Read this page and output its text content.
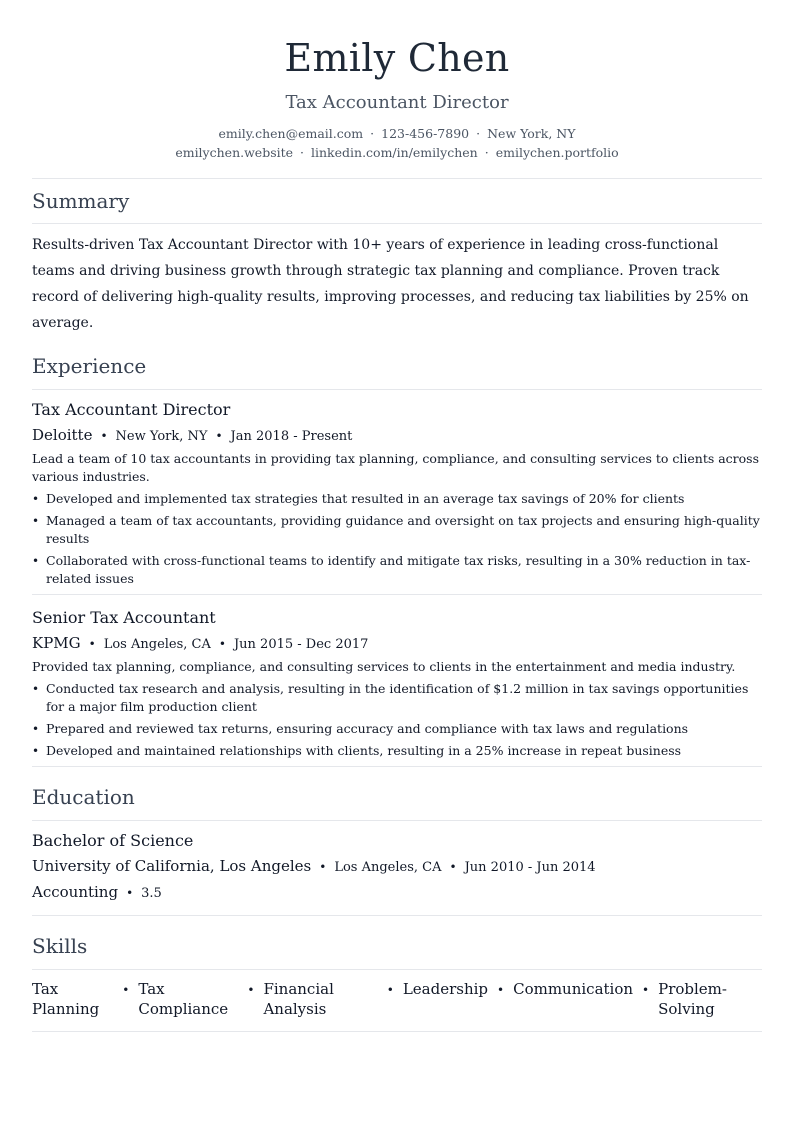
Emily Chen
Tax Accountant Director
emily.chen@email.com · 123-456-7890 · New York, NY
emilychen.website · linkedin.com/in/emilychen · emilychen.portfolio
Summary
Results-driven Tax Accountant Director with 10+ years of experience in leading cross-functional teams and driving business growth through strategic tax planning and compliance. Proven track record of delivering high-quality results, improving processes, and reducing tax liabilities by 25% on average.
Experience
Tax Accountant Director
Deloitte • New York, NY • Jan 2018 - Present
Lead a team of 10 tax accountants in providing tax planning, compliance, and consulting services to clients across various industries.
• Developed and implemented tax strategies that resulted in an average tax savings of 20% for clients
• Managed a team of tax accountants, providing guidance and oversight on tax projects and ensuring high-quality results
• Collaborated with cross-functional teams to identify and mitigate tax risks, resulting in a 30% reduction in tax-related issues
Senior Tax Accountant
KPMG • Los Angeles, CA • Jun 2015 - Dec 2017
Provided tax planning, compliance, and consulting services to clients in the entertainment and media industry.
• Conducted tax research and analysis, resulting in the identification of $1.2 million in tax savings opportunities for a major film production client
• Prepared and reviewed tax returns, ensuring accuracy and compliance with tax laws and regulations
• Developed and maintained relationships with clients, resulting in a 25% increase in repeat business
Education
Bachelor of Science
University of California, Los Angeles • Los Angeles, CA • Jun 2010 - Jun 2014
Accounting • 3.5
Skills
Tax Planning
• Tax Compliance
• Financial Analysis
• Leadership • Communication • Problem-Solving
